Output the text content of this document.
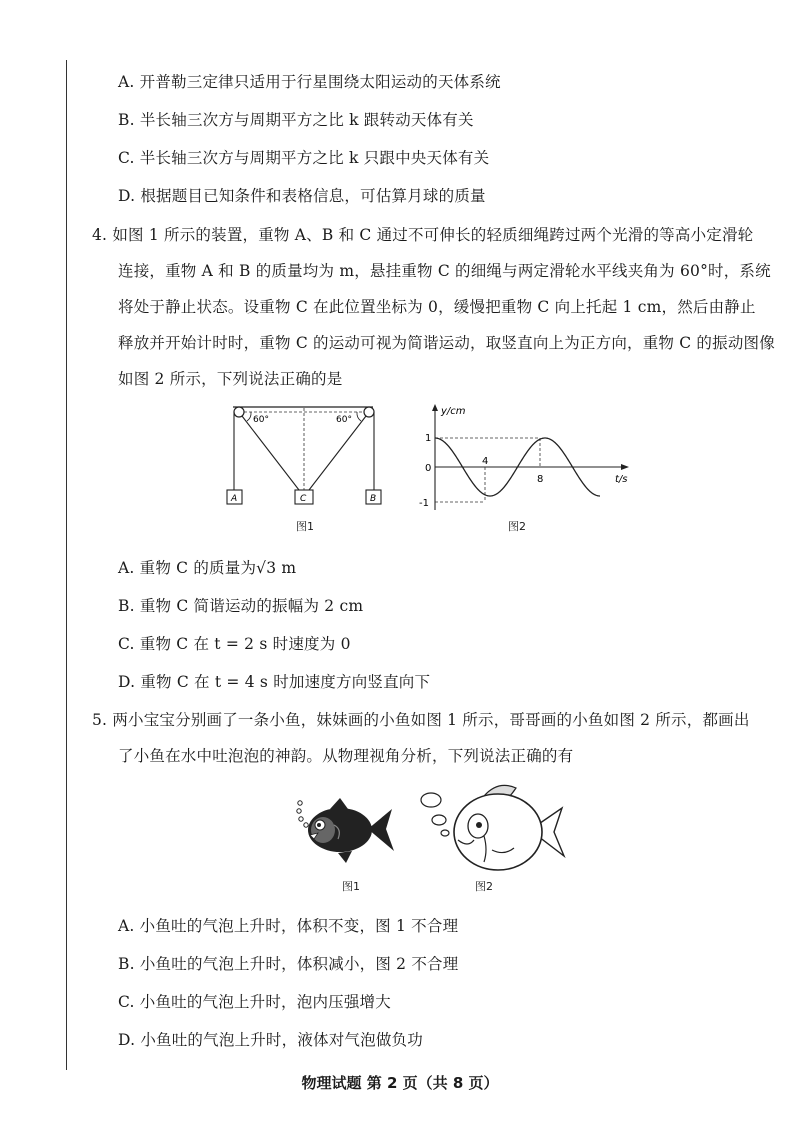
A. 开普勒三定律只适用于行星围绕太阳运动的天体系统
B. 半长轴三次方与周期平方之比 k 跟转动天体有关
C. 半长轴三次方与周期平方之比 k 只跟中央天体有关
D. 根据题目已知条件和表格信息，可估算月球的质量
4. 如图 1 所示的装置，重物 A、B 和 C 通过不可伸长的轻质细绳跨过两个光滑的等高小定滑轮
连接，重物 A 和 B 的质量均为 m，悬挂重物 C 的细绳与两定滑轮水平线夹角为 60°时，系统
将处于静止状态。设重物 C 在此位置坐标为 0，缓慢把重物 C 向上托起 1 cm，然后由静止
释放并开始计时时，重物 C 的运动可视为简谐运动，取竖直向上为正方向，重物 C 的振动图像
如图 2 所示，下列说法正确的是
60°	60°
A	C	B
图1
y/cm
t/s
0
1
-1
4
8
图2
A. 重物 C 的质量为√3 m
B. 重物 C 简谐运动的振幅为 2 cm
C. 重物 C 在 t = 2 s 时速度为 0
D. 重物 C 在 t = 4 s 时加速度方向竖直向下
5. 两小宝宝分别画了一条小鱼，妹妹画的小鱼如图 1 所示，哥哥画的小鱼如图 2 所示，都画出
了小鱼在水中吐泡泡的神韵。从物理视角分析，下列说法正确的有
图1	图2
A. 小鱼吐的气泡上升时，体积不变，图 1 不合理
B. 小鱼吐的气泡上升时，体积减小，图 2 不合理
C. 小鱼吐的气泡上升时，泡内压强增大
D. 小鱼吐的气泡上升时，液体对气泡做负功
物理试题 第 2 页（共 8 页）
